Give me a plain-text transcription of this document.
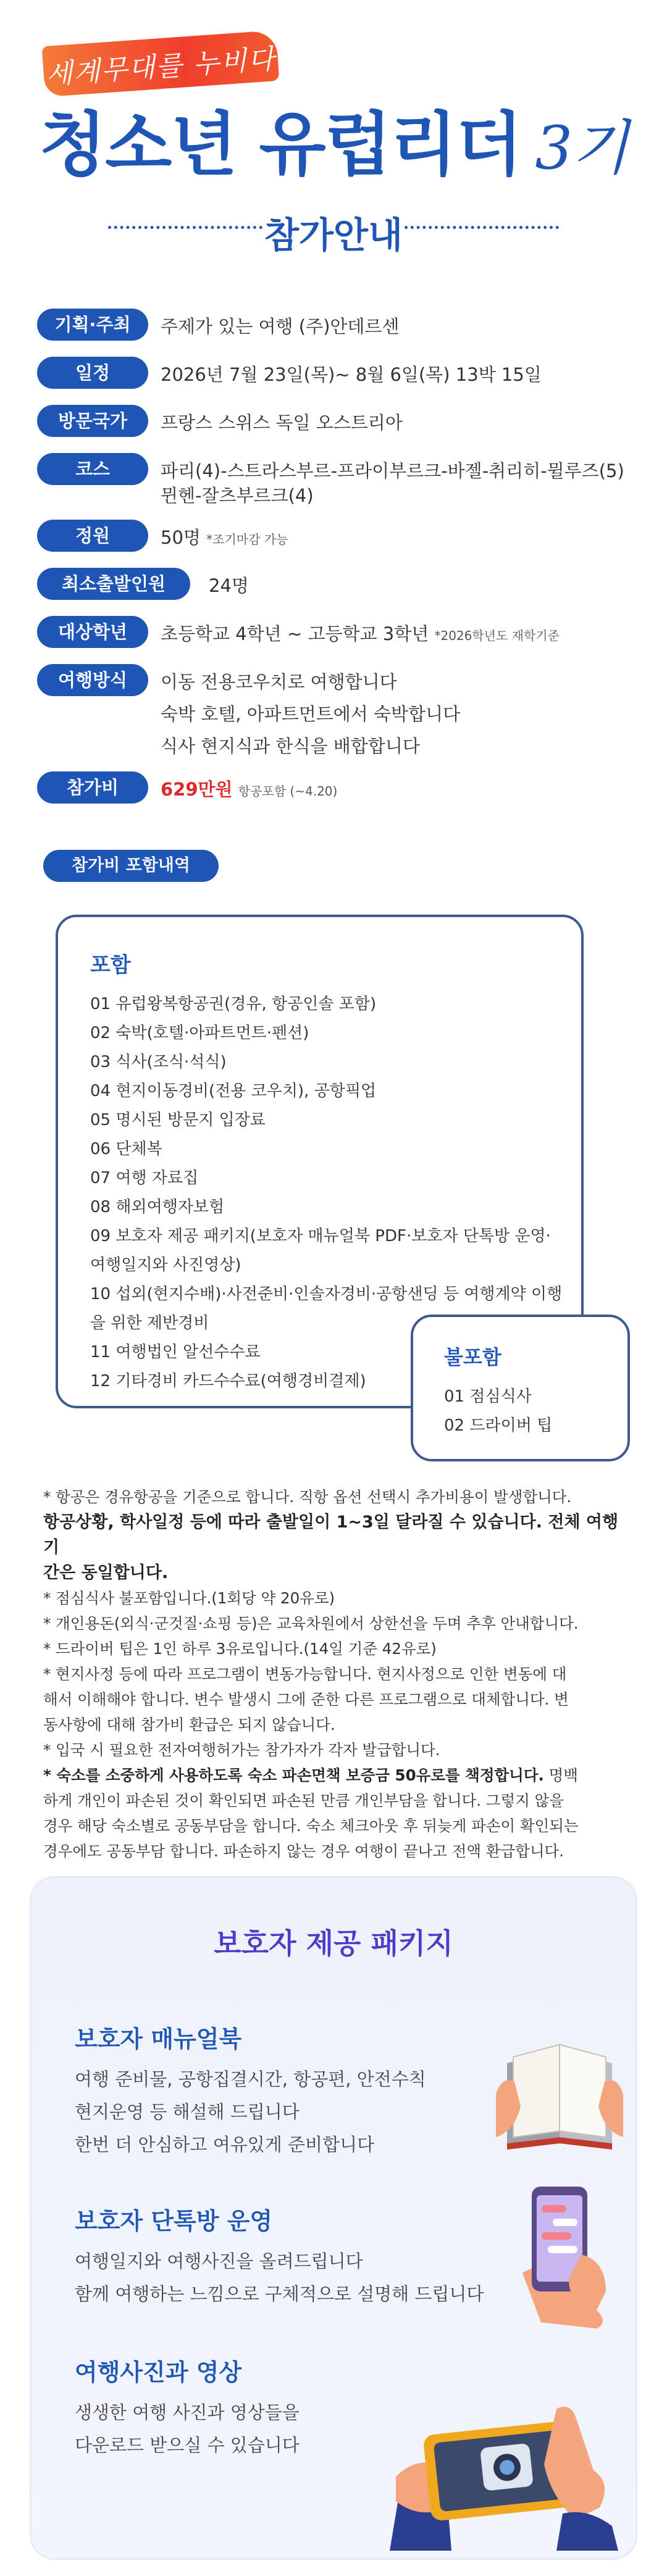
세계무대를 누비다
청소년 유럽리더 3기
참가안내
기획·주최	주제가 있는 여행 (주)안데르센
일정	2026년 7월 23일(목)~ 8월 6일(목) 13박 15일
방문국가	프랑스 스위스 독일 오스트리아
코스	파리(4)-스트라스부르-프라이부르크-바젤-취리히-뮐루즈(5)
뮌헨-잘츠부르크(4)
정원	50명 *조기마감 가능
최소출발인원	24명
대상학년	초등학교 4학년 ~ 고등학교 3학년 *2026학년도 재학기준
여행방식	이동 전용코우치로 여행합니다
숙박 호텔, 아파트먼트에서 숙박합니다
식사 현지식과 한식을 배합합니다
참가비	629만원 항공포함 (~4.20)
참가비 포함내역
포함
01 유럽왕복항공권(경유, 항공인솔 포함)
02 숙박(호텔·아파트먼트·펜션)
03 식사(조식·석식)
04 현지이동경비(전용 코우치), 공항픽업
05 명시된 방문지 입장료
06 단체복
07 여행 자료집
08 해외여행자보험
09 보호자 제공 패키지(보호자 매뉴얼북 PDF·보호자 단톡방 운영·
여행일지와 사진영상)
10 섭외(현지수배)·사전준비·인솔자경비·공항샌딩 등 여행계약 이행
을 위한 제반경비
11 여행법인 알선수수료
12 기타경비 카드수수료(여행경비결제)
불포함
01 점심식사
02 드라이버 팁
* 항공은 경유항공을 기준으로 합니다. 직항 옵션 선택시 추가비용이 발생합니다.
항공상황, 학사일정 등에 따라 출발일이 1~3일 달라질 수 있습니다. 전체 여행 기
간은 동일합니다.
* 점심식사 불포함입니다.(1회당 약 20유로)
* 개인용돈(외식·군것질·쇼핑 등)은 교육차원에서 상한선을 두며 추후 안내합니다.
* 드라이버 팁은 1인 하루 3유로입니다.(14일 기준 42유로)
* 현지사정 등에 따라 프로그램이 변동가능합니다. 현지사정으로 인한 변동에 대
해서 이해해야 합니다. 변수 발생시 그에 준한 다른 프로그램으로 대체합니다. 변
동사항에 대해 참가비 환급은 되지 않습니다.
* 입국 시 필요한 전자여행허가는 참가자가 각자 발급합니다.
* 숙소를 소중하게 사용하도록 숙소 파손면책 보증금 50유로를 책정합니다. 명백
하게 개인이 파손된 것이 확인되면 파손된 만큼 개인부담을 합니다. 그렇지 않을
경우 해당 숙소별로 공동부담을 합니다. 숙소 체크아웃 후 뒤늦게 파손이 확인되는
경우에도 공동부담 합니다. 파손하지 않는 경우 여행이 끝나고 전액 환급합니다.
보호자 제공 패키지
보호자 매뉴얼북
여행 준비물, 공항집결시간, 항공편, 안전수칙
현지운영 등 해설해 드립니다
한번 더 안심하고 여유있게 준비합니다
보호자 단톡방 운영
여행일지와 여행사진을 올려드립니다
함께 여행하는 느낌으로 구체적으로 설명해 드립니다
여행사진과 영상
생생한 여행 사진과 영상들을
다운로드 받으실 수 있습니다
